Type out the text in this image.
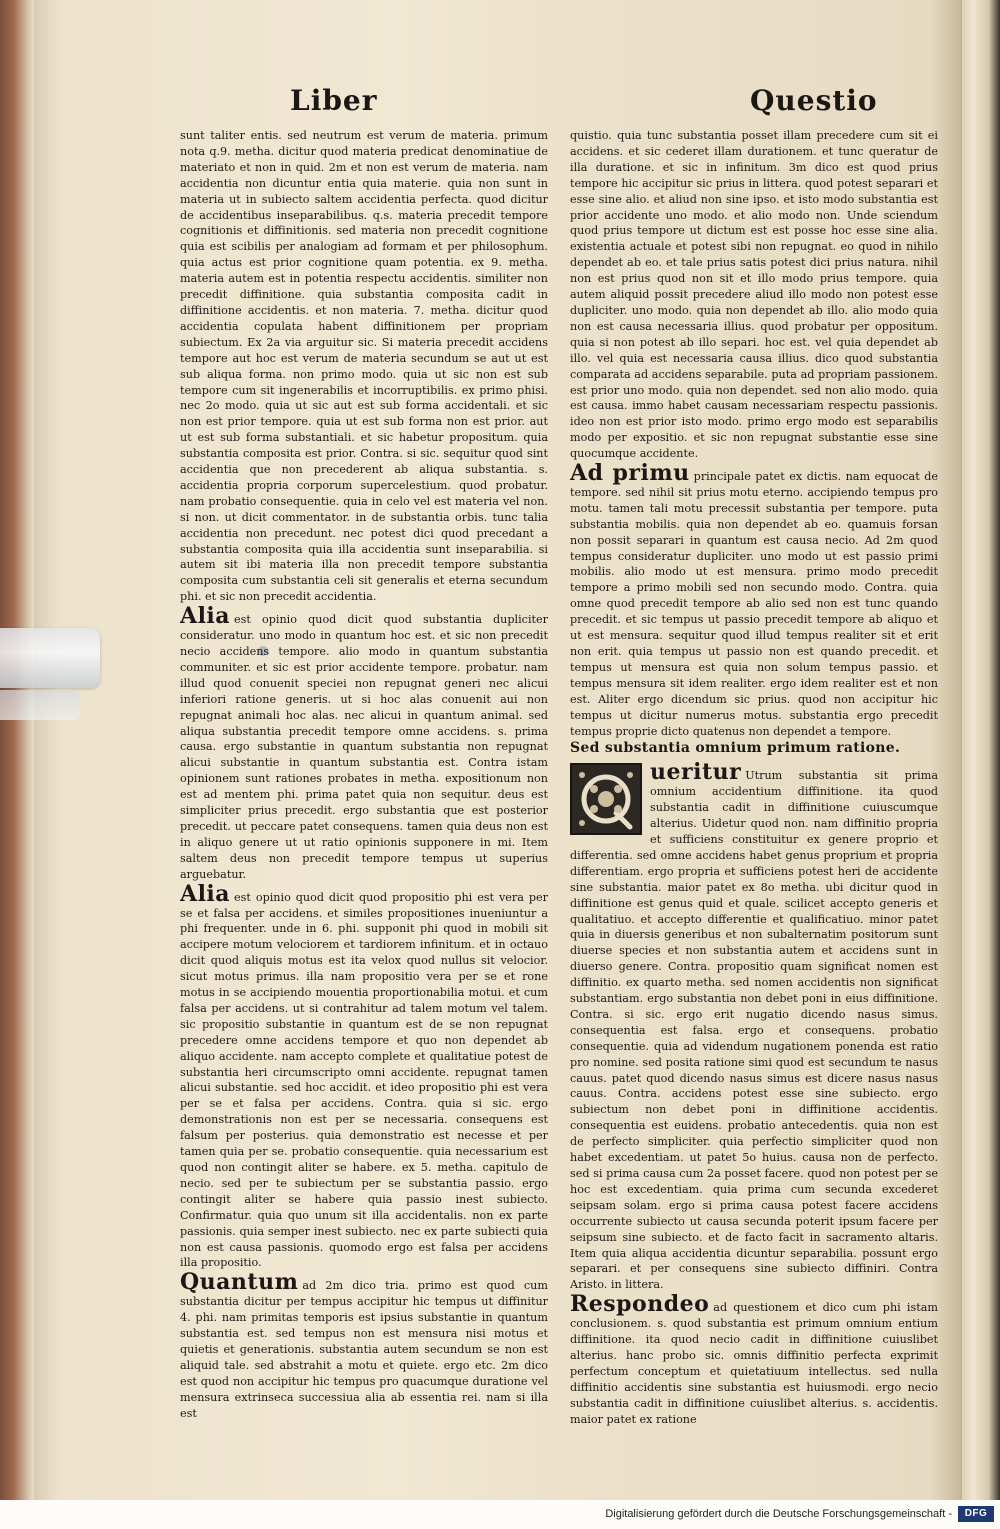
Liber	Questio

sunt taliter entis. sed neutrum est verum de materia. primum nota q.9. metha. dicitur quod materia predicat denominatiue de materiato et non in quid. 2m et non est verum de materia. nam accidentia non dicuntur entia quia materie. quia non sunt in materia ut in subiecto saltem accidentia perfecta. quod dicitur de accidentibus inseparabilibus. q.s. materia precedit tempore cognitionis et diffinitionis. sed materia non precedit cognitione quia est scibilis per analogiam ad formam et per philosophum. quia actus est prior cognitione quam potentia. ex 9. metha. materia autem est in potentia respectu accidentis. similiter non precedit diffinitione. quia substantia composita cadit in diffinitione accidentis. et non materia. 7. metha. dicitur quod accidentia copulata habent diffinitionem per propriam subiectum. Ex 2a via arguitur sic. Si materia precedit accidens tempore aut hoc est verum de materia secundum se aut ut est sub aliqua forma. non primo modo. quia ut sic non est sub tempore cum sit ingenerabilis et incorruptibilis. ex primo phisi. nec 2o modo. quia ut sic aut est sub forma accidentali. et sic non est prior tempore. quia ut est sub forma non est prior. aut ut est sub forma substantiali. et sic habetur propositum. quia substantia composita est prior. Contra. si sic. sequitur quod sint accidentia que non precederent ab aliqua substantia. s. accidentia propria corporum supercelestium. quod probatur. nam probatio consequentie. quia in celo vel est materia vel non. si non. ut dicit commentator. in de substantia orbis. tunc talia accidentia non precedunt. nec potest dici quod precedant a substantia composita quia illa accidentia sunt inseparabilia. si autem sit ibi materia illa non precedit tempore substantia composita cum substantia celi sit generalis et eterna secundum phi. et sic non precedit accidentia.

Alia est opinio quod dicit quod substantia dupliciter consideratur. uno modo in quantum hoc est. et sic non precedit necio accidens tempore. alio modo in quantum substantia communiter. et sic est prior accidente tempore. probatur. nam illud quod conuenit speciei non repugnat generi nec alicui inferiori ratione generis. ut si hoc alas conuenit aui non repugnat animali hoc alas. nec alicui in quantum animal. sed aliqua substantia precedit tempore omne accidens. s. prima causa. ergo substantie in quantum substantia non repugnat alicui substantie in quantum substantia est. Contra istam opinionem sunt rationes probates in metha. expositionum non est ad mentem phi. prima patet quia non sequitur. deus est simpliciter prius precedit. ergo substantia que est posterior precedit. ut peccare patet consequens. tamen quia deus non est in aliquo genere ut ut ratio opinionis supponere in mi. Item saltem deus non precedit tempore tempus ut superius arguebatur.

Alia est opinio quod dicit quod propositio phi est vera per se et falsa per accidens. et similes propositiones inueniuntur a phi frequenter. unde in 6. phi. supponit phi quod in mobili sit accipere motum velociorem et tardiorem infinitum. et in octauo dicit quod aliquis motus est ita velox quod nullus sit velocior. sicut motus primus. illa nam propositio vera per se et rone motus in se accipiendo mouentia proportionabilia motui. et cum falsa per accidens. ut si contrahitur ad talem motum vel talem. sic propositio substantie in quantum est de se non repugnat precedere omne accidens tempore et quo non dependet ab aliquo accidente. nam accepto complete et qualitatiue potest de substantia heri circumscripto omni accidente. repugnat tamen alicui substantie. sed hoc accidit. et ideo propositio phi est vera per se et falsa per accidens. Contra. quia si sic. ergo demonstrationis non est per se necessaria. consequens est falsum per posterius. quia demonstratio est necesse et per tamen quia per se. probatio consequentie. quia necessarium est quod non contingit aliter se habere. ex 5. metha. capitulo de necio. sed per te subiectum per se substantia passio. ergo contingit aliter se habere quia passio inest subiecto. Confirmatur. quia quo unum sit illa accidentalis. non ex parte passionis. quia semper inest subiecto. nec ex parte subiecti quia non est causa passionis. quomodo ergo est falsa per accidens illa propositio.

Quantum ad 2m dico tria. primo est quod cum substantia dicitur per tempus accipitur hic tempus ut diffinitur 4. phi. nam primitas temporis est ipsius substantie in quantum substantia est. sed tempus non est mensura nisi motus et quietis et generationis. substantia autem secundum se non est aliquid tale. sed abstrahit a motu et quiete. ergo etc. 2m dico est quod non accipitur hic tempus pro quacumque duratione vel mensura extrinseca successiua alia ab essentia rei. nam si illa est

quistio. quia tunc substantia posset illam precedere cum sit ei accidens. et sic cederet illam durationem. et tunc queratur de illa duratione. et sic in infinitum. 3m dico est quod prius tempore hic accipitur sic prius in littera. quod potest separari et esse sine alio. et aliud non sine ipso. et isto modo substantia est prior accidente uno modo. et alio modo non. Unde sciendum quod prius tempore ut dictum est est posse hoc esse sine alia. existentia actuale et potest sibi non repugnat. eo quod in nihilo dependet ab eo. et tale prius satis potest dici prius natura. nihil non est prius quod non sit et illo modo prius tempore. quia autem aliquid possit precedere aliud illo modo non potest esse dupliciter. uno modo. quia non dependet ab illo. alio modo quia non est causa necessaria illius. quod probatur per oppositum. quia si non potest ab illo separi. hoc est. vel quia dependet ab illo. vel quia est necessaria causa illius. dico quod substantia comparata ad accidens separabile. puta ad propriam passionem. est prior uno modo. quia non dependet. sed non alio modo. quia est causa. immo habet causam necessariam respectu passionis. ideo non est prior isto modo. primo ergo modo est separabilis modo per expositio. et sic non repugnat substantie esse sine quocumque accidente.

Ad primu principale patet ex dictis. nam equocat de tempore. sed nihil sit prius motu eterno. accipiendo tempus pro motu. tamen tali motu precessit substantia per tempore. puta substantia mobilis. quia non dependet ab eo. quamuis forsan non possit separari in quantum est causa necio. Ad 2m quod tempus consideratur dupliciter. uno modo ut est passio primi mobilis. alio modo ut est mensura. primo modo precedit tempore a primo mobili sed non secundo modo. Contra. quia omne quod precedit tempore ab alio sed non est tunc quando precedit. et sic tempus ut passio precedit tempore ab aliquo et ut est mensura. sequitur quod illud tempus realiter sit et erit non erit. quia tempus ut passio non est quando precedit. et tempus ut mensura est quia non solum tempus passio. et tempus mensura sit idem realiter. ergo idem realiter est et non est. Aliter ergo dicendum sic prius. quod non accipitur hic tempus ut dicitur numerus motus. substantia ergo precedit tempus proprie dicto quatenus non dependet a tempore.

Sed substantia omnium primum ratione.

ueritur Utrum substantia sit prima omnium accidentium diffinitione. ita quod substantia cadit in diffinitione cuiuscumque alterius. Uidetur quod non. nam diffinitio propria et sufficiens constituitur ex genere proprio et differentia. sed omne accidens habet genus proprium et propria differentiam. ergo propria et sufficiens potest heri de accidente sine substantia. maior patet ex 8o metha. ubi dicitur quod in diffinitione est genus quid et quale. scilicet accepto generis et qualitatiuo. et accepto differentie et qualificatiuo. minor patet quia in diuersis generibus et non subalternatim positorum sunt diuerse species et non substantia autem et accidens sunt in diuerso genere. Contra. propositio quam significat nomen est diffinitio. ex quarto metha. sed nomen accidentis non significat substantiam. ergo substantia non debet poni in eius diffinitione. Contra. si sic. ergo erit nugatio dicendo nasus simus. consequentia est falsa. ergo et consequens. probatio consequentie. quia ad videndum nugationem ponenda est ratio pro nomine. sed posita ratione simi quod est secundum te nasus cauus. patet quod dicendo nasus simus est dicere nasus nasus cauus. Contra. accidens potest esse sine subiecto. ergo subiectum non debet poni in diffinitione accidentis. consequentia est euidens. probatio antecedentis. quia non est de perfecto simpliciter. quia perfectio simpliciter quod non habet excedentiam. ut patet 5o huius. causa non de perfecto. sed si prima causa cum 2a posset facere. quod non potest per se hoc est excedentiam. quia prima cum secunda excederet seipsam solam. ergo si prima causa potest facere accidens occurrente subiecto ut causa secunda poterit ipsum facere per seipsum sine subiecto. et de facto facit in sacramento altaris. Item quia aliqua accidentia dicuntur separabilia. possunt ergo separari. et per consequens sine subiecto diffiniri. Contra Aristo. in littera.

Respondeo ad questionem et dico cum phi istam conclusionem. s. quod substantia est primum omnium entium diffinitione. ita quod necio cadit in diffinitione cuiuslibet alterius. hanc probo sic. omnis diffinitio perfecta exprimit perfectum conceptum et quietatiuum intellectus. sed nulla diffinitio accidentis sine substantia est huiusmodi. ergo necio substantia cadit in diffinitione cuiuslibet alterius. s. accidentis. maior patet ex ratione

Digitalisierung gefördert durch die Deutsche Forschungsgemeinschaft -	DFG
